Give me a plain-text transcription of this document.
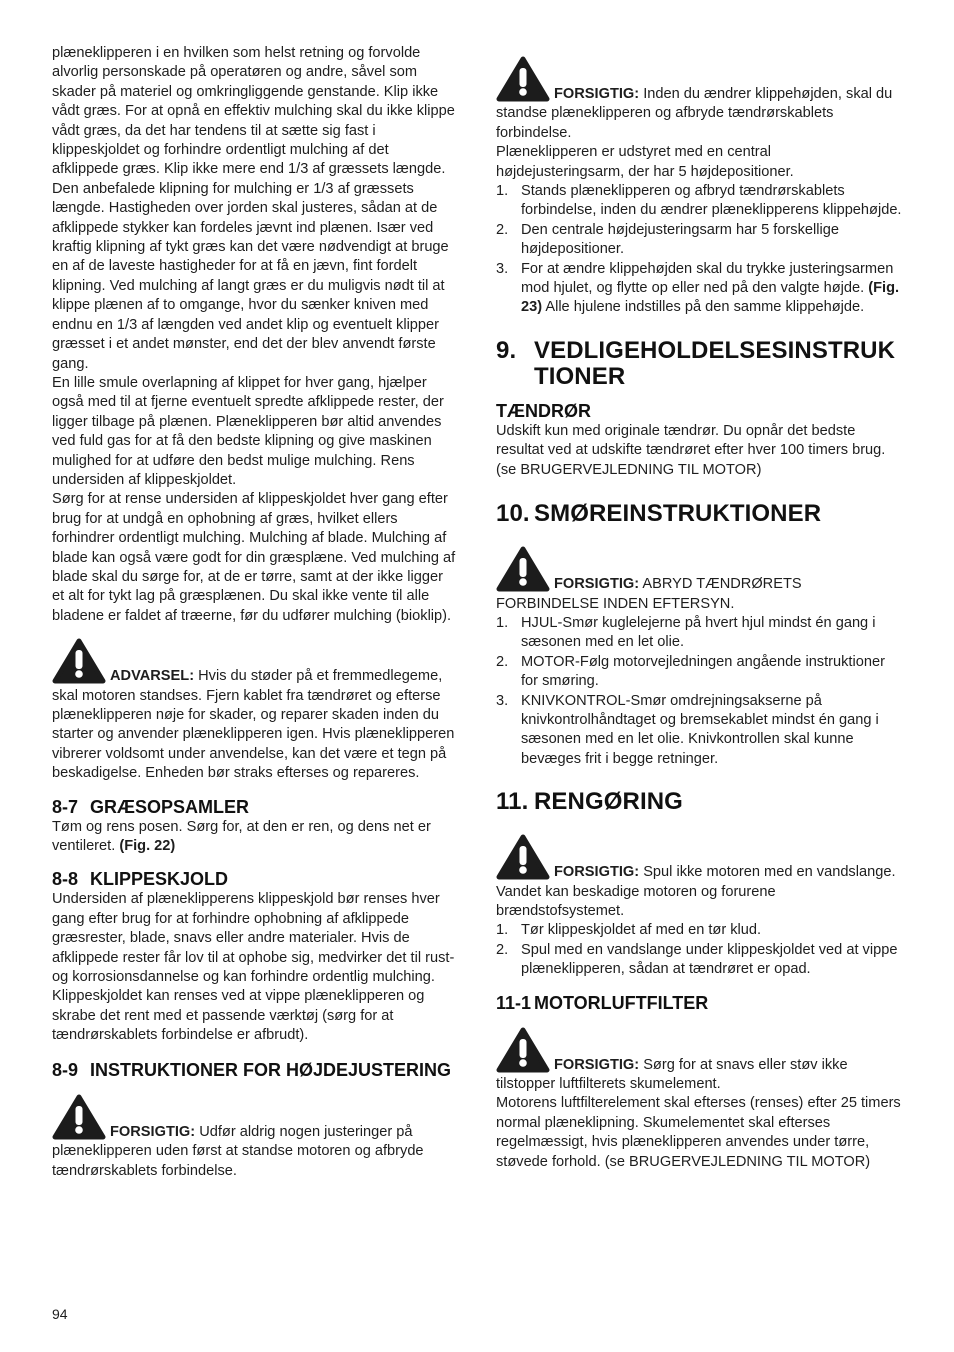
plæneklipperen i en hvilken som helst retning og forvolde alvorlig personskade på operatøren og andre, såvel som skader på materiel og omkringliggende genstande. Klip ikke vådt græs. For at opnå en effektiv mulching skal du ikke klippe vådt græs, da det har tendens til at sætte sig fast i klippeskjoldet og forhindre ordentligt mulching af det afklippede græs. Klip ikke mere end 1/3 af græssets længde.

Den anbefalede klipning for mulching er 1/3 af græssets længde. Hastigheden over jorden skal justeres, sådan at de afklippede stykker kan fordeles jævnt ind plænen. Især ved kraftig klipning af tykt græs kan det være nødvendigt at bruge en af de laveste hastigheder for at få en jævn, fint fordelt klipning. Ved mulching af langt græs er du muligvis nødt til at klippe plænen af to omgange, hvor du sænker kniven med endnu en 1/3 af længden ved andet klip og eventuelt klipper græsset i et andet mønster, end det der blev anvendt første gang.

En lille smule overlapning af klippet for hver gang, hjælper også med til at fjerne eventuelt spredte afklippede rester, der ligger tilbage på plænen. Plæneklipperen bør altid anvendes ved fuld gas for at få den bedste klipning og give maskinen mulighed for at udføre den bedst mulige mulching. Rens undersiden af klippeskjoldet.

Sørg for at rense undersiden af klippeskjoldet hver gang efter brug for at undgå en ophobning af græs, hvilket ellers forhindrer ordentligt mulching. Mulching af blade. Mulching af blade kan også være godt for din græsplæne. Ved mulching af blade skal du sørge for, at de er tørre, samt at der ikke ligger et alt for tykt lag på græsplænen. Du skal ikke vente til alle bladene er faldet af træerne, før du udfører mulching (bioklip).

ADVARSEL: Hvis du støder på et fremmedlegeme, skal motoren standses. Fjern kablet fra tændrøret og efterse plæneklipperen nøje for skader, og reparer skaden inden du starter og anvender plæneklipperen igen. Hvis plæneklipperen vibrerer voldsomt under anvendelse, kan det være et tegn på beskadigelse. Enheden bør straks efterses og repareres.

8-7 GRÆSOPSAMLER

Tøm og rens posen. Sørg for, at den er ren, og dens net er ventileret. (Fig. 22)

8-8 KLIPPESKJOLD

Undersiden af plæneklipperens klippeskjold bør renses hver gang efter brug for at forhindre ophobning af afklippede græsrester, blade, snavs eller andre materialer. Hvis de afklippede rester får lov til at ophobe sig, medvirker det til rust- og korrosionsdannelse og kan forhindre ordentlig mulching. Klippeskjoldet kan renses ved at vippe plæneklipperen og skrabe det rent med et passende værktøj (sørg for at tændrørskablets forbindelse er afbrudt).

8-9 INSTRUKTIONER FOR HØJDEJUSTERING

FORSIGTIG: Udfør aldrig nogen justeringer på plæneklipperen uden først at standse motoren og afbryde tændrørskablets forbindelse.

FORSIGTIG: Inden du ændrer klippehøjden, skal du standse plæneklipperen og afbryde tændrørskablets forbindelse.

Plæneklipperen er udstyret med en central højdejusteringsarm, der har 5 højdepositioner.

1. Stands plæneklipperen og afbryd tændrørskablets forbindelse, inden du ændrer plæneklipperens klippehøjde.
2. Den centrale højdejusteringsarm har 5 forskellige højdepositioner.
3. For at ændre klippehøjden skal du trykke justeringsarmen mod hjulet, og flytte op eller ned på den valgte højde. (Fig. 23) Alle hjulene indstilles på den samme klippehøjde.
9. VEDLIGEHOLDELSESINSTRUK TIONER
TÆNDRØR

Udskift kun med originale tændrør. Du opnår det bedste resultat ved at udskifte tændrøret efter hver 100 timers brug. (se BRUGERVEJLEDNING TIL MOTOR)

10. SMØREINSTRUKTIONER

FORSIGTIG: ABRYD TÆNDRØRETS FORBINDELSE INDEN EFTERSYN.

1. HJUL-Smør kuglelejerne på hvert hjul mindst én gang i sæsonen med en let olie.
2. MOTOR-Følg motorvejledningen angående instruktioner for smøring.
3. KNIVKONTROL-Smør omdrejningsakserne på knivkontrolhåndtaget og bremsekablet mindst én gang i sæsonen med en let olie. Knivkontrollen skal kunne bevæges frit i begge retninger.
11. RENGØRING

FORSIGTIG: Spul ikke motoren med en vandslange. Vandet kan beskadige motoren og forurene brændstofsystemet.

1. Tør klippeskjoldet af med en tør klud.
2. Spul med en vandslange under klippeskjoldet ved at vippe plæneklipperen, sådan at tændrøret er opad.
11-1 MOTORLUFTFILTER

FORSIGTIG: Sørg for at snavs eller støv ikke tilstopper luftfilterets skumelement.

Motorens luftfilterelement skal efterses (renses) efter 25 timers normal plæneklipning. Skumelementet skal efterses regelmæssigt, hvis plæneklipperen anvendes under tørre, støvede forhold. (se BRUGERVEJLEDNING TIL MOTOR)

94
